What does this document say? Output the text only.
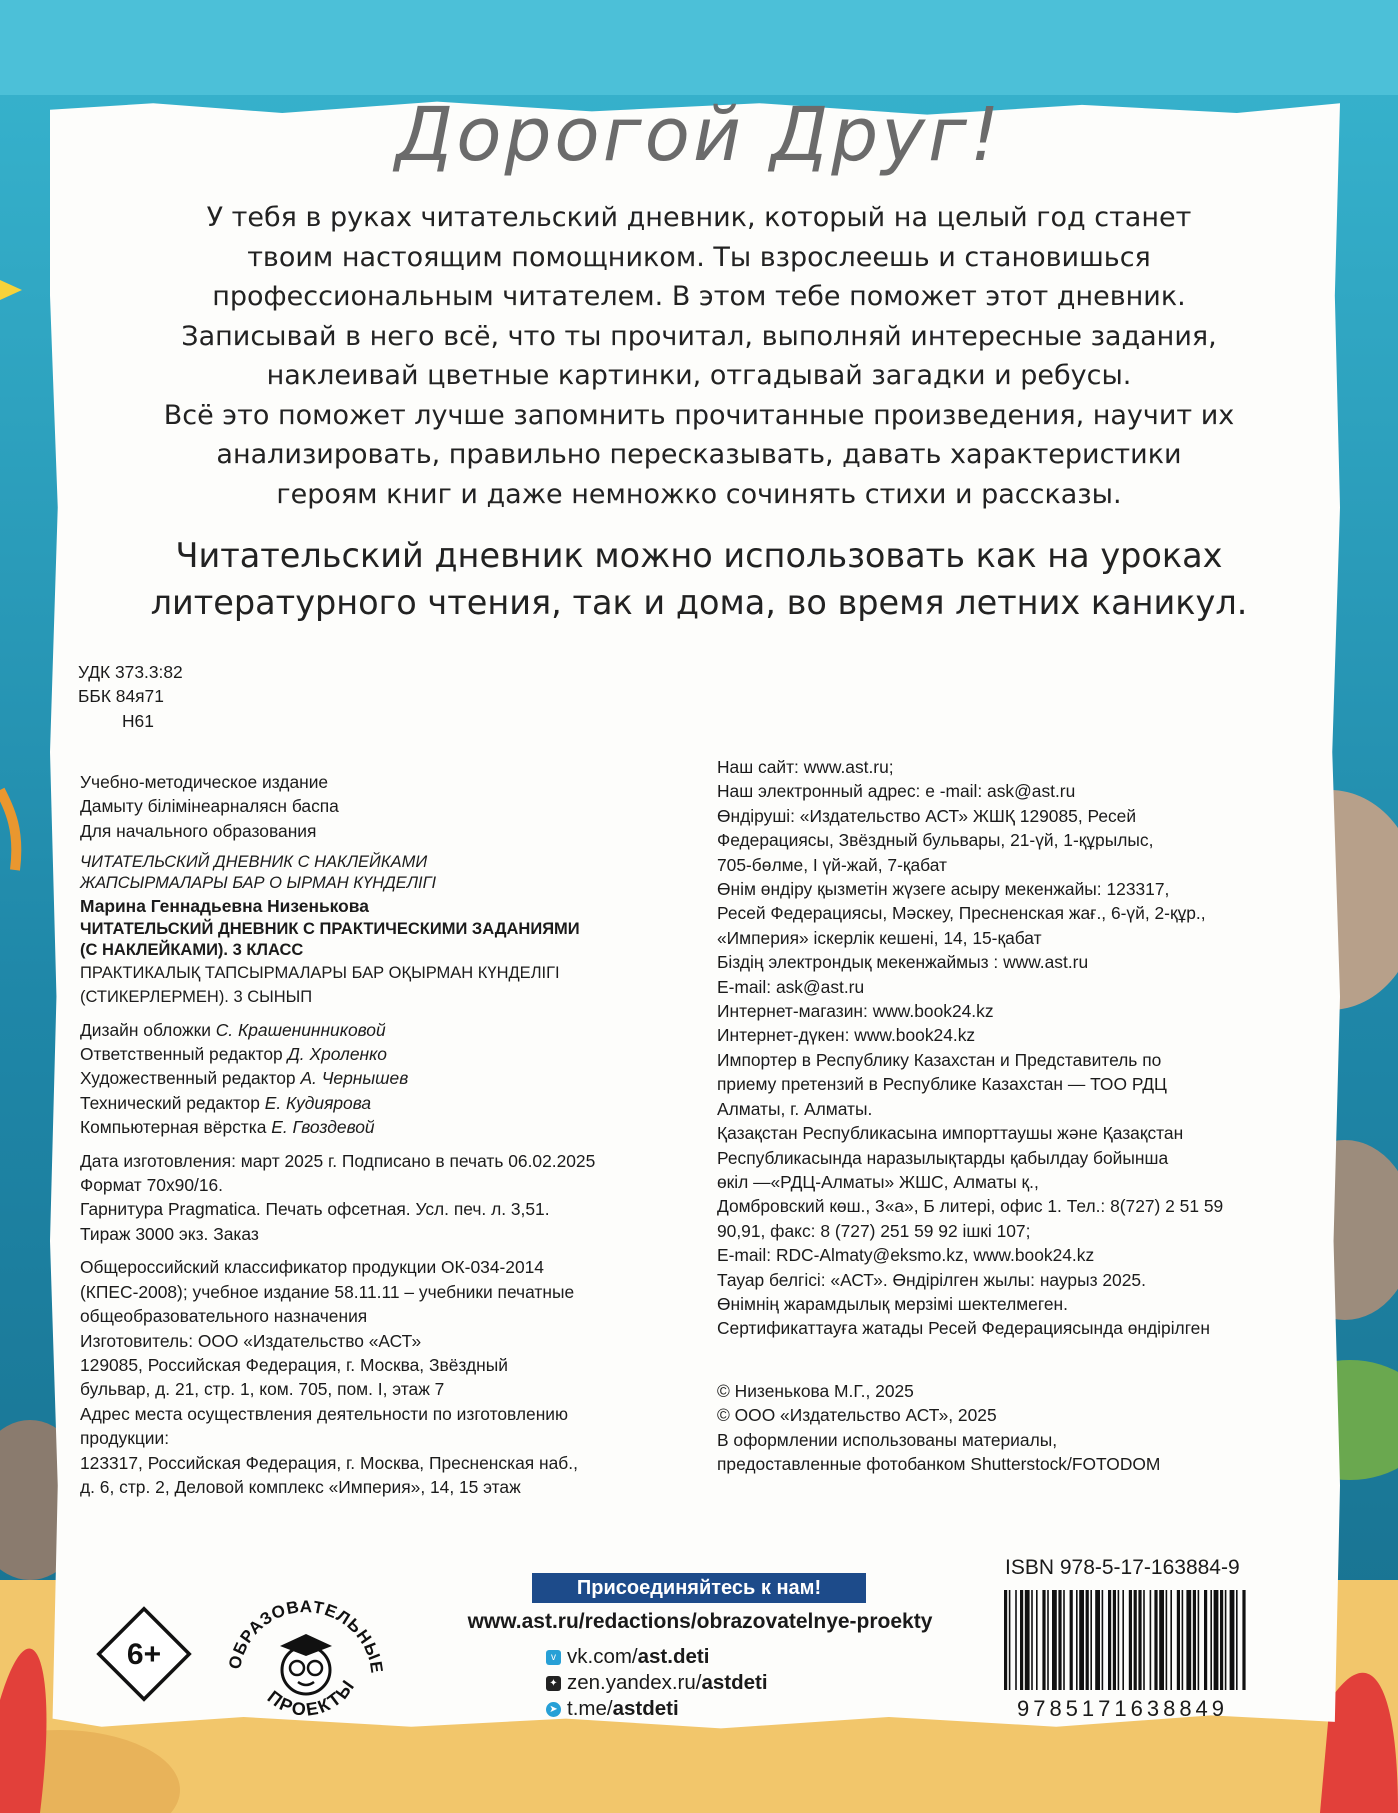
Дорогой Друг!
У тебя в руках читательский дневник, который на целый год станет
твоим настоящим помощником. Ты взрослеешь и становишься
профессиональным читателем. В этом тебе поможет этот дневник.
Записывай в него всё, что ты прочитал, выполняй интересные задания,
наклеивай цветные картинки, отгадывай загадки и ребусы.
Всё это поможет лучше запомнить прочитанные произведения, научит их
анализировать, правильно пересказывать, давать характеристики
героям книг и даже немножко сочинять стихи и рассказы.
Читательский дневник можно использовать как на уроках
литературного чтения, так и дома, во время летних каникул.
УДК 373.3:82
ББК 84я71
Н61
Учебно-методическое издание
Дамыту білімінеарналясн баспа
Для начального образования
ЧИТАТЕЛЬСКИЙ ДНЕВНИК С НАКЛЕЙКАМИ
ЖАПСЫРМАЛАРЫ БАР О ЫРМАН КҮНДЕЛІГІ
Марина Геннадьевна Низенькова
ЧИТАТЕЛЬСКИЙ ДНЕВНИК С ПРАКТИЧЕСКИМИ ЗАДАНИЯМИ
(С НАКЛЕЙКАМИ). 3 КЛАСС
ПРАКТИКАЛЫҚ ТАПСЫРМАЛАРЫ БАР ОҚЫРМАН КҮНДЕЛІГІ
(СТИКЕРЛЕРМЕН). 3 СЫНЫП
Дизайн обложки С. Крашенинниковой
Ответственный редактор Д. Хроленко
Художественный редактор А. Чернышев
Технический редактор Е. Кудиярова
Компьютерная вёрстка Е. Гвоздевой
Дата изготовления: март 2025 г. Подписано в печать 06.02.2025
Формат 70x90/16.
Гарнитура Pragmatica. Печать офсетная. Усл. печ. л. 3,51.
Тираж 3000 экз. Заказ
Общероссийский классификатор продукции ОК-034-2014
(КПЕС-2008); учебное издание 58.11.11 – учебники печатные
общеобразовательного назначения
Изготовитель: ООО «Издательство «АСТ»
129085, Российская Федерация, г. Москва, Звёздный
бульвар, д. 21, стр. 1, ком. 705, пом. I, этаж 7
Адрес места осуществления деятельности по изготовлению
продукции:
123317, Российская Федерация, г. Москва, Пресненская наб.,
д. 6, стр. 2, Деловой комплекс «Империя», 14, 15 этаж
Наш сайт: www.ast.ru;
Наш электронный адрес: e -mail: ask@ast.ru
Өндіруші: «Издательство АСТ» ЖШҚ 129085, Ресей
Федерациясы, Звёздный бульвары, 21-үй, 1-құрылыс,
705-бөлме, I үй-жай, 7-қабат
Өнім өндіру қызметін жүзеге асыру мекенжайы: 123317,
Ресей Федерациясы, Мәскеу, Пресненская жағ., 6-үй, 2-құр.,
«Империя» іскерлік кешені, 14, 15-қабат
Біздің электрондық мекенжаймыз : www.ast.ru
E-mail: ask@ast.ru
Интернет-магазин: www.book24.kz
Интернет-дүкен: www.book24.kz
Импортер в Республику Казахстан и Представитель по
приему претензий в Республике Казахстан — ТОО РДЦ
Алматы, г. Алматы.
Қазақстан Республикасына импорттаушы және Қазақстан
Республикасында наразылықтарды қабылдау бойынша
өкіл —«РДЦ-Алматы» ЖШС, Алматы қ.,
Домбровский көш., 3«а», Б литері, офис 1. Тел.: 8(727) 2 51 59
90,91, факс: 8 (727) 251 59 92 ішкі 107;
E-mail: RDC-Almaty@eksmo.kz, www.book24.kz
Тауар белгісі: «АСТ». Өндірілген жылы: наурыз 2025.
Өнімнің жарамдылық мерзімі шектелмеген.
Сертификаттауға жатады Ресей Федерациясында өндірілген
© Низенькова М.Г., 2025
© ООО «Издательство АСТ», 2025
В оформлении использованы материалы,
предоставленные фотобанком Shutterstock/FOTODOM
6+	ОБРАЗОВАТЕЛЬНЫЕ
ПРОЕКТЫ
Присоединяйтесь к нам!
www.ast.ru/redactions/obrazovatelnye-proekty
v vk.com/ast.deti
✦ zen.yandex.ru/astdeti
➤ t.me/astdeti
ISBN 978-5-17-163884-9
9785171638849
